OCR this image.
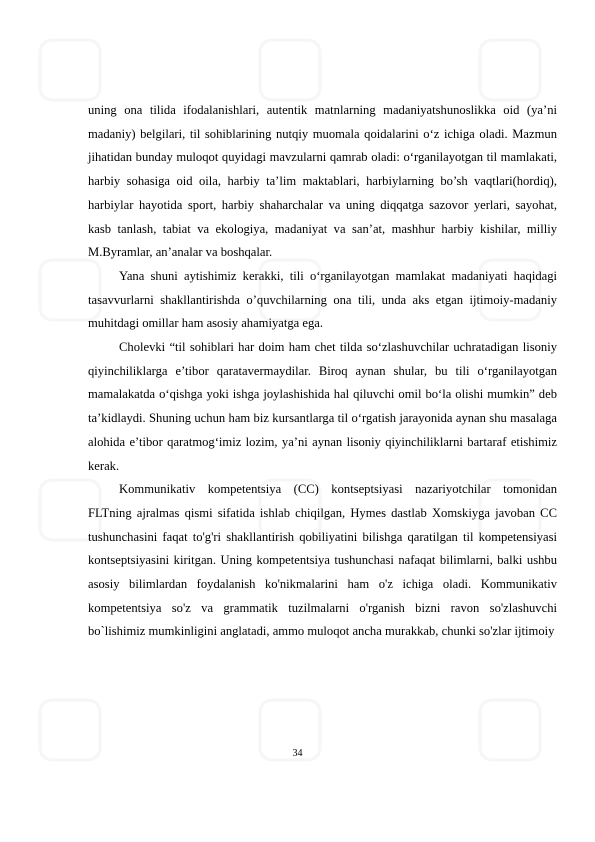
uning ona tilida ifodalanishlari, autentik matnlarning madaniyatshunoslikka oid (ya’ni madaniy) belgilari, til sohiblarining nutqiy muomala qoidalarini o‘z ichiga oladi. Mazmun jihatidan bunday muloqot quyidagi mavzularni qamrab oladi: o‘rganilayotgan til mamlakati, harbiy sohasiga oid oila, harbiy ta’lim maktablari, harbiylarning bo’sh vaqtlari(hordiq), harbiylar hayotida sport, harbiy shaharchalar va uning diqqatga sazovor yerlari, sayohat, kasb tanlash, tabiat va ekologiya, madaniyat va san’at, mashhur harbiy kishilar, milliy M.Byramlar, an’analar va boshqalar.

Yana shuni aytishimiz kerakki, tili o‘rganilayotgan mamlakat madaniyati haqidagi tasavvurlarni shakllantirishda o’quvchilarning ona tili, unda aks etgan ijtimoiy-madaniy muhitdagi omillar ham asosiy ahamiyatga ega.

Cholevki “til sohiblari har doim ham chet tilda so‘zlashuvchilar uchratadigan lisoniy qiyinchiliklarga e’tibor qaratavermaydilar. Biroq aynan shular, bu tili o‘rganilayotgan mamalakatda o‘qishga yoki ishga joylashishida hal qiluvchi omil bo‘la olishi mumkin” deb ta’kidlaydi. Shuning uchun ham biz kursantlarga til o‘rgatish jarayonida aynan shu masalaga alohida e’tibor qaratmog‘imiz lozim, ya’ni aynan lisoniy qiyinchiliklarni bartaraf etishimiz kerak.

Kommunikativ kompetentsiya (CC) kontseptsiyasi nazariyotchilar tomonidan FLTning ajralmas qismi sifatida ishlab chiqilgan, Hymes dastlab Xomskiyga javoban CC tushunchasini faqat to'g'ri shakllantirish qobiliyatini bilishga qaratilgan til kompetensiyasi kontseptsiyasini kiritgan. Uning kompetentsiya tushunchasi nafaqat bilimlarni, balki ushbu asosiy bilimlardan foydalanish ko'nikmalarini ham o'z ichiga oladi. Kommunikativ kompetentsiya so'z va grammatik tuzilmalarni o'rganish bizni ravon so'zlashuvchi bo`lishimiz mumkinligini anglatadi, ammo muloqot ancha murakkab, chunki so'zlar ijtimoiy

34
